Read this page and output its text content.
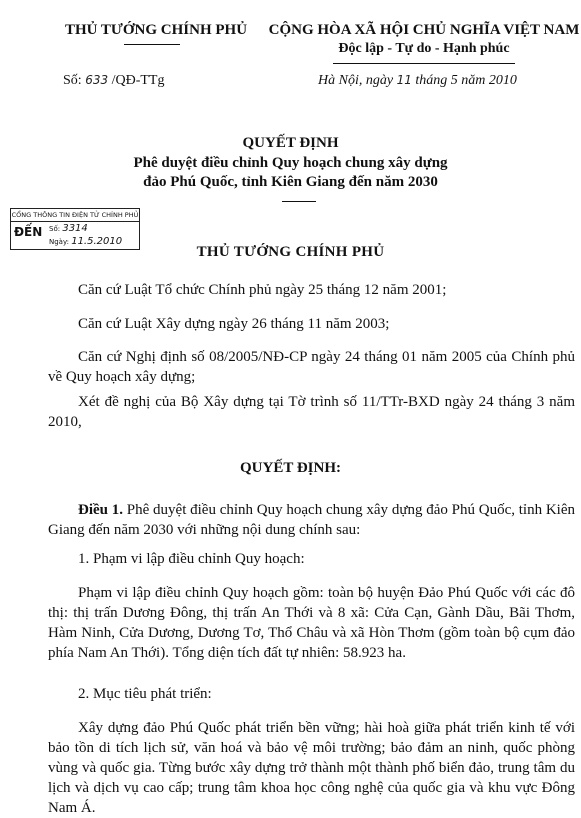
THỦ TƯỚNG CHÍNH PHỦ	CỘNG HÒA XÃ HỘI CHỦ NGHĨA VIỆT NAM
Độc lập - Tự do - Hạnh phúc
Số: 633 /QĐ-TTg	Hà Nội, ngày 11 tháng 5 năm 2010
QUYẾT ĐỊNH
Phê duyệt điều chỉnh Quy hoạch chung xây dựng
đảo Phú Quốc, tỉnh Kiên Giang đến năm 2030
CỔNG THÔNG TIN ĐIỆN TỬ CHÍNH PHỦ
ĐẾN Số: 3314
Ngày: 11.5.2010
THỦ TƯỚNG CHÍNH PHỦ
Căn cứ Luật Tổ chức Chính phủ ngày 25 tháng 12 năm 2001;
Căn cứ Luật Xây dựng ngày 26 tháng 11 năm 2003;
Căn cứ Nghị định số 08/2005/NĐ-CP ngày 24 tháng 01 năm 2005 của Chính phủ về Quy hoạch xây dựng;
Xét đề nghị của Bộ Xây dựng tại Tờ trình số 11/TTr-BXD ngày 24 tháng 3 năm 2010,
QUYẾT ĐỊNH:
Điều 1. Phê duyệt điều chỉnh Quy hoạch chung xây dựng đảo Phú Quốc, tỉnh Kiên Giang đến năm 2030 với những nội dung chính sau:
1. Phạm vi lập điều chỉnh Quy hoạch:
Phạm vi lập điều chỉnh Quy hoạch gồm: toàn bộ huyện Đảo Phú Quốc với các đô thị: thị trấn Dương Đông, thị trấn An Thới và 8 xã: Cửa Cạn, Gành Dầu, Bãi Thơm, Hàm Ninh, Cửa Dương, Dương Tơ, Thổ Châu và xã Hòn Thơm (gồm toàn bộ cụm đảo phía Nam An Thới). Tổng diện tích đất tự nhiên: 58.923 ha.
2. Mục tiêu phát triển:
Xây dựng đảo Phú Quốc phát triển bền vững; hài hoà giữa phát triển kinh tế với bảo tồn di tích lịch sử, văn hoá và bảo vệ môi trường; bảo đảm an ninh, quốc phòng vùng và quốc gia. Từng bước xây dựng trở thành một thành phố biển đảo, trung tâm du lịch và dịch vụ cao cấp; trung tâm khoa học công nghệ của quốc gia và khu vực Đông Nam Á.
